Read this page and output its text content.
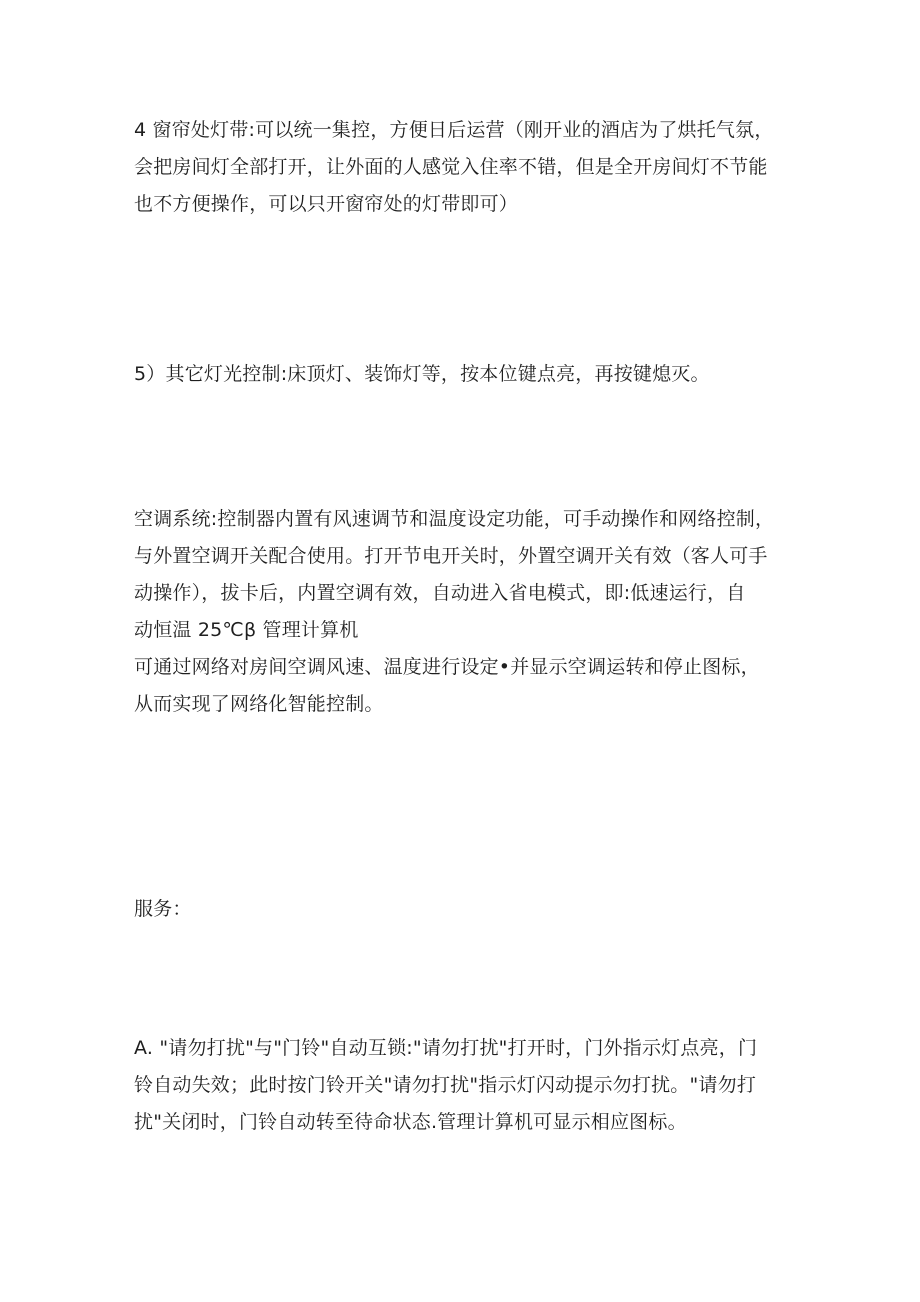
4 窗帘处灯带:可以统一集控，方便日后运营（刚开业的酒店为了烘托气氛，
会把房间灯全部打开，让外面的人感觉入住率不错，但是全开房间灯不节能
也不方便操作，可以只开窗帘处的灯带即可）
5）其它灯光控制:床顶灯、装饰灯等，按本位键点亮，再按键熄灭。
空调系统:控制器内置有风速调节和温度设定功能，可手动操作和网络控制，
与外置空调开关配合使用。打开节电开关时，外置空调开关有效（客人可手
动操作），拔卡后，内置空调有效，自动进入省电模式，即:低速运行，自
动恒温 25℃β 管理计算机
可通过网络对房间空调风速、温度进行设定•并显示空调运转和停止图标，
从而实现了网络化智能控制。
服务：
A. "请勿打扰"与"门铃"自动互锁:"请勿打扰"打开时，门外指示灯点亮，门
铃自动失效；此时按门铃开关"请勿打扰"指示灯闪动提示勿打扰。"请勿打
扰"关闭时，门铃自动转至待命状态.管理计算机可显示相应图标。
